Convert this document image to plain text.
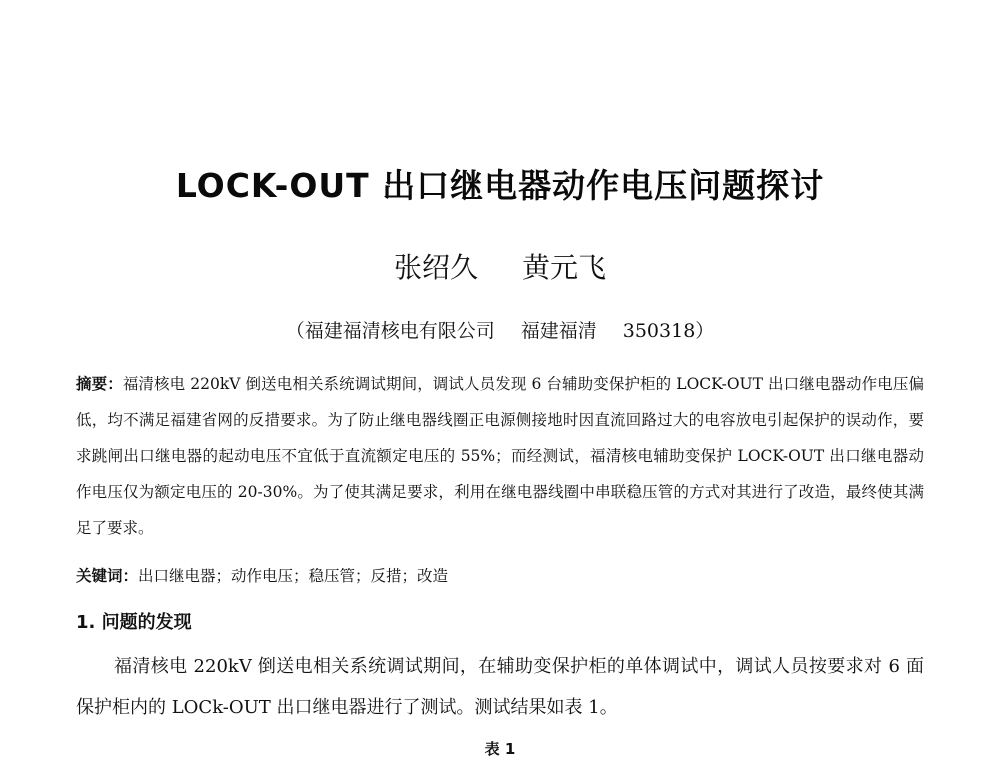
LOCK-OUT 出口继电器动作电压问题探讨
张绍久 黄元飞
（福建福清核电有限公司 福建福清 350318）
摘要：福清核电 220kV 倒送电相关系统调试期间，调试人员发现 6 台辅助变保护柜的 LOCK-OUT 出口继电器动作电压偏低，均不满足福建省网的反措要求。为了防止继电器线圈正电源侧接地时因直流回路过大的电容放电引起保护的误动作，要求跳闸出口继电器的起动电压不宜低于直流额定电压的 55%；而经测试，福清核电辅助变保护 LOCK-OUT 出口继电器动作电压仅为额定电压的 20-30%。为了使其满足要求，利用在继电器线圈中串联稳压管的方式对其进行了改造，最终使其满足了要求。
关键词：出口继电器；动作电压；稳压管；反措；改造
1. 问题的发现
福清核电 220kV 倒送电相关系统调试期间，在辅助变保护柜的单体调试中，调试人员按要求对 6 面保护柜内的 LOCk-OUT 出口继电器进行了测试。测试结果如表 1。
表 1
